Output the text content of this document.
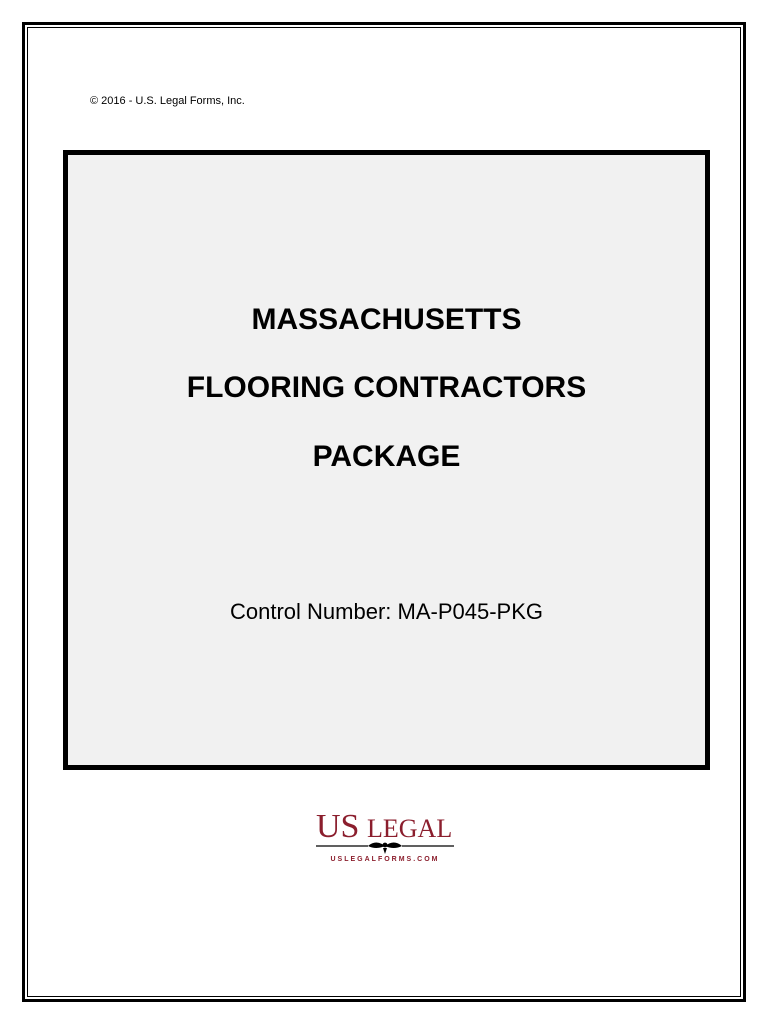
© 2016 - U.S. Legal Forms, Inc.
MASSACHUSETTS
FLOORING CONTRACTORS
PACKAGE
Control Number: MA-P045-PKG
US LEGAL
USLEGALFORMS.COM
